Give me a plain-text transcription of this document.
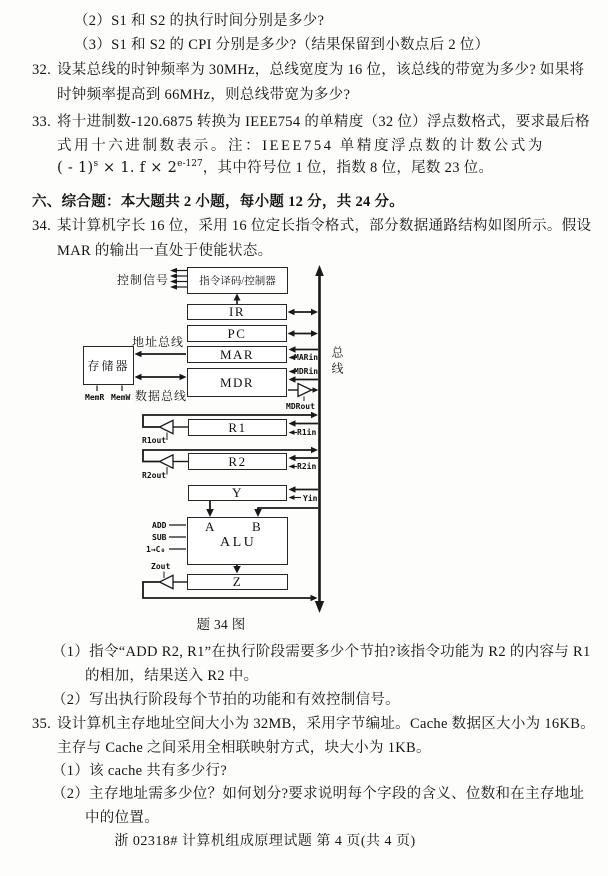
（2）S1 和 S2 的执行时间分别是多少?
（3）S1 和 S2 的 CPI 分别是多少?（结果保留到小数点后 2 位）
32. 设某总线的时钟频率为 30MHz，总线宽度为 16 位，该总线的带宽为多少? 如果将
时钟频率提高到 66MHz，则总线带宽为多少?
33. 将十进制数-120.6875 转换为 IEEE754 的单精度（32 位）浮点数格式，要求最后格
式用十六进制数表示。注：IEEE754 单精度浮点数的计数公式为
( - 1)$^s$ × 1. $f \times 2^{e-127}$，其中符号位 1 位，指数 8 位，尾数 23 位。
六、综合题：本大题共 2 小题，每小题 12 分，共 24 分。
34. 某计算机字长 16 位，采用 16 位定长指令格式，部分数据通路结构如图所示。假设
MAR 的输出一直处于使能状态。
指令译码/控制器
IR
PC
MAR
存储器
MDR
R1
R2
Y
Z
控制信号
地址总线
数据总线
总线
MemR MemW
MARin
MDRin
MDRout
R1out
R1in
R2out
R2in
Yin
ADD
SUB
1→C₀
Zout
A	B
ALU
题 34 图
（1）指令“ADD R2, R1”在执行阶段需要多少个节拍?该指令功能为 R2 的内容与 R1
的相加，结果送入 R2 中。
（2）写出执行阶段每个节拍的功能和有效控制信号。
35. 设计算机主存地址空间大小为 32MB，采用字节编址。Cache 数据区大小为 16KB。
主存与 Cache 之间采用全相联映射方式，块大小为 1KB。
（1）该 cache 共有多少行?
（2）主存地址需多少位？如何划分?要求说明每个字段的含义、位数和在主存地址
中的位置。
浙 02318# 计算机组成原理试题 第 4 页(共 4 页)
